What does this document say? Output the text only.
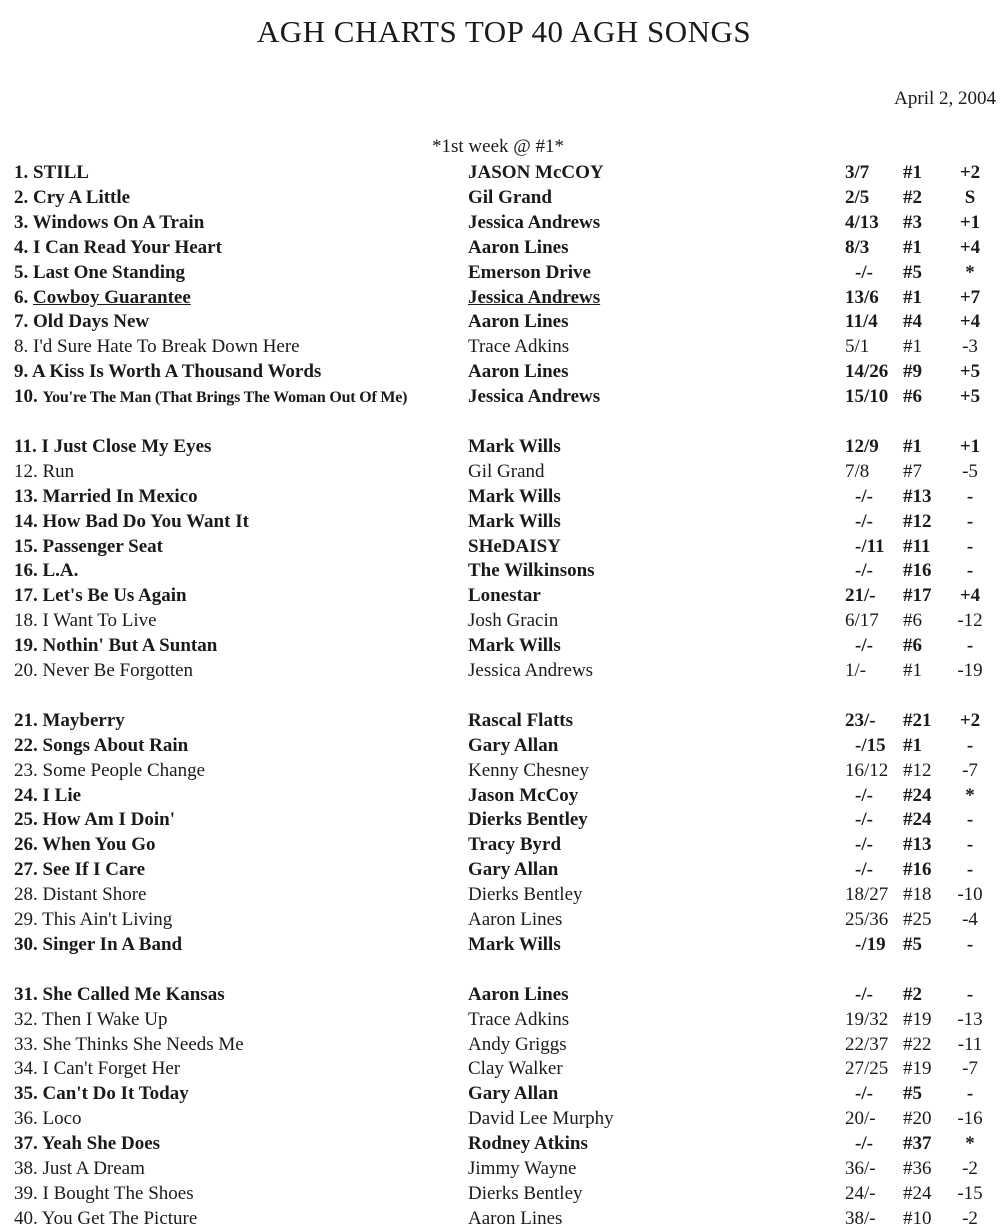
AGH CHARTS TOP 40 AGH SONGS
April 2, 2004
*1st week @ #1*
1. STILL	JASON McCOY	3/7 #1	+2
2. Cry A Little	Gil Grand	2/5 #2	S
3. Windows On A Train	Jessica Andrews	4/13 #3	+1
4. I Can Read Your Heart	Aaron Lines	8/3 #1	+4
5. Last One Standing	Emerson Drive	-/- #5	*
6. Cowboy Guarantee	Jessica Andrews	13/6 #1	+7
7. Old Days New	Aaron Lines	11/4 #4	+4
8. I'd Sure Hate To Break Down Here	Trace Adkins	5/1 #1	-3
9. A Kiss Is Worth A Thousand Words	Aaron Lines	14/26 #9	+5
10. You're The Man (That Brings The Woman Out Of Me)	Jessica Andrews	15/10 #6	+5
11. I Just Close My Eyes	Mark Wills	12/9 #1	+1
12. Run	Gil Grand	7/8 #7	-5
13. Married In Mexico	Mark Wills	-/- #13	-
14. How Bad Do You Want It	Mark Wills	-/- #12	-
15. Passenger Seat	SHeDAISY	-/11 #11	-
16. L.A.	The Wilkinsons	-/- #16	-
17. Let's Be Us Again	Lonestar	21/- #17	+4
18. I Want To Live	Josh Gracin	6/17 #6	-12
19. Nothin' But A Suntan	Mark Wills	-/- #6	-
20. Never Be Forgotten	Jessica Andrews	1/- #1	-19
21. Mayberry	Rascal Flatts	23/- #21	+2
22. Songs About Rain	Gary Allan	-/15 #1	-
23. Some People Change	Kenny Chesney	16/12 #12	-7
24. I Lie	Jason McCoy	-/- #24	*
25. How Am I Doin'	Dierks Bentley	-/- #24	-
26. When You Go	Tracy Byrd	-/- #13	-
27. See If I Care	Gary Allan	-/- #16	-
28. Distant Shore	Dierks Bentley	18/27 #18	-10
29. This Ain't Living	Aaron Lines	25/36 #25	-4
30. Singer In A Band	Mark Wills	-/19 #5	-
31. She Called Me Kansas	Aaron Lines	-/- #2	-
32. Then I Wake Up	Trace Adkins	19/32 #19	-13
33. She Thinks She Needs Me	Andy Griggs	22/37 #22	-11
34. I Can't Forget Her	Clay Walker	27/25 #19	-7
35. Can't Do It Today	Gary Allan	-/- #5	-
36. Loco	David Lee Murphy	20/- #20	-16
37. Yeah She Does	Rodney Atkins	-/- #37	*
38. Just A Dream	Jimmy Wayne	36/- #36	-2
39. I Bought The Shoes	Dierks Bentley	24/- #24	-15
40. You Get The Picture	Aaron Lines	38/- #10	-2
